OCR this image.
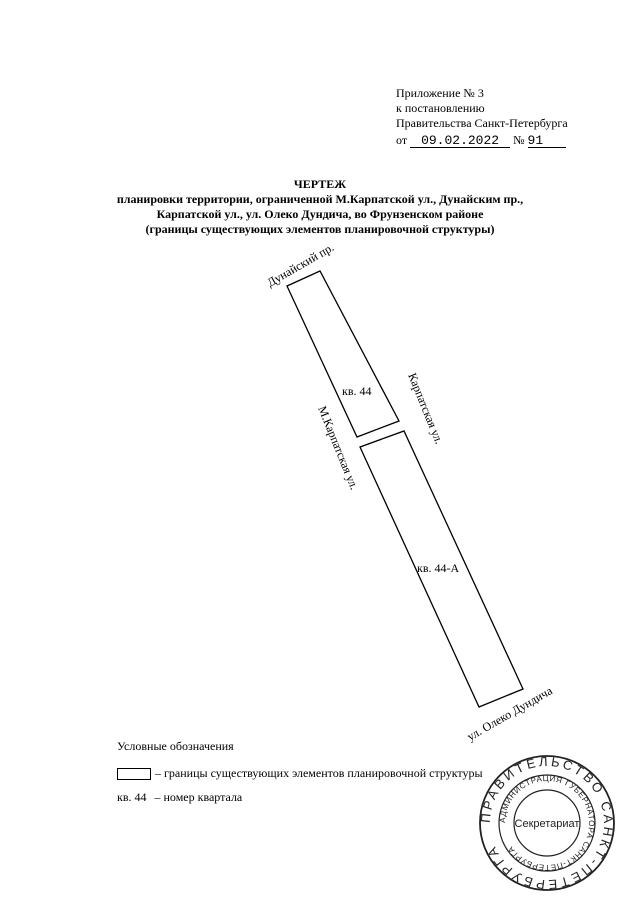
Приложение № 3
к постановлению
Правительства Санкт-Петербурга
от 09.02.2022 № 91
ЧЕРТЕЖ
планировки территории, ограниченной М.Карпатской ул., Дунайским пр.,
Карпатской ул., ул. Олеко Дундича, во Фрунзенском районе
(границы существующих элементов планировочной структуры)
Дунайский пр.
Карпатская ул.
М.Карпатская ул.
ул. Олеко Дундича
кв. 44
кв. 44-А
ПРАВИТЕЛЬСТВО САНКТ-ПЕТЕРБУРГА
АДМИНИСТРАЦИЯ ГУБЕРНАТОРА САНКТ-ПЕТЕРБУРГА
Секретариат
Условные обозначения
– границы существующих элементов планировочной структуры
кв. 44 – номер квартала
